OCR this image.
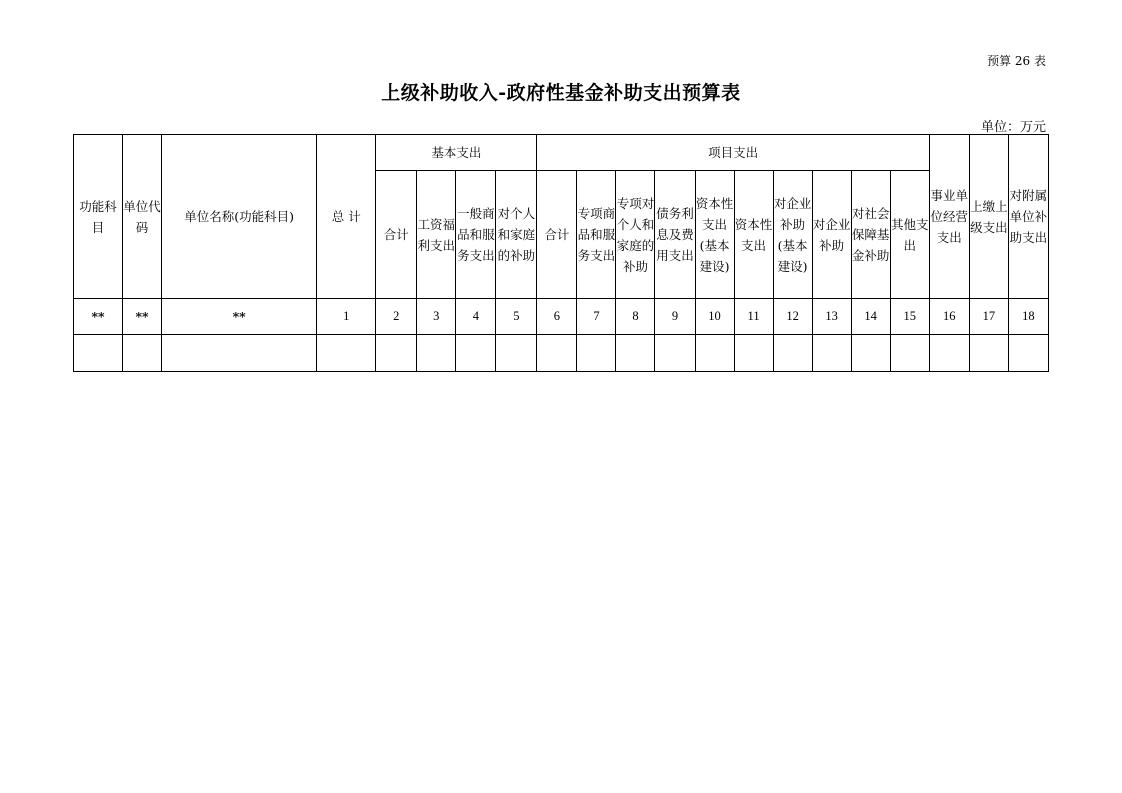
预算 26 表
上级补助收入-政府性基金补助支出预算表
单位：万元
功能科目	单位代码	单位名称(功能科目)	总 计	基本支出				项目支出										事业单位经营支出	上缴上级支出	对附属单位补助支出
				合计	工资福利支出	一般商品和服务支出	对个人和家庭的补助	合计	专项商品和服务支出	专项对个人和家庭的补助	债务利息及费用支出	资本性支出(基本建设)	资本性支出	对企业补助(基本建设)	对企业补助	对社会保障基金补助	其他支出			
**	**	**	1	2	3	4	5	6	7	8	9	10	11	12	13	14	15	16	17	18
